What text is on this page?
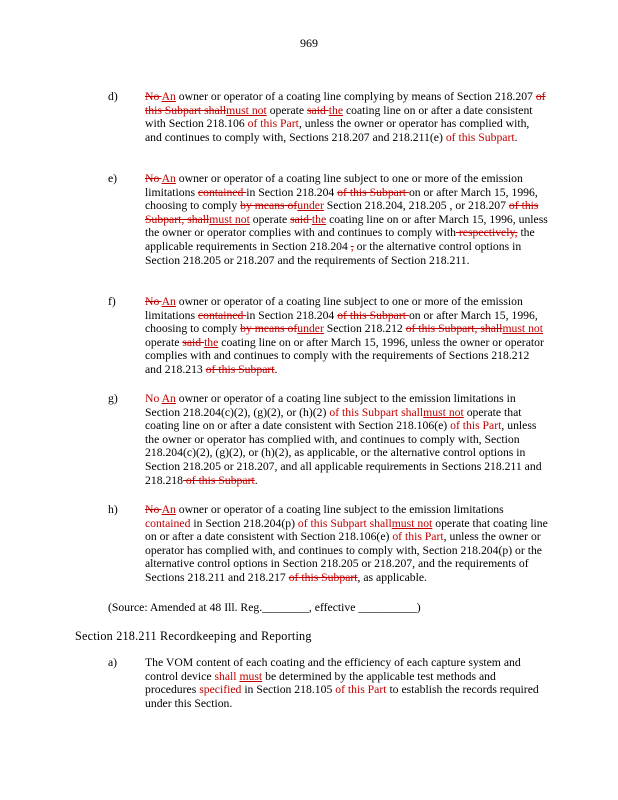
969
d)	No An owner or operator of a coating line complying by means of Section 218.207 of this Subpart shallmust not operate said the coating line on or after a date consistent with Section 218.106 of this Part, unless the owner or operator has complied with, and continues to comply with, Sections 218.207 and 218.211(e) of this Subpart.
e)	No An owner or operator of a coating line subject to one or more of the emission limitations contained in Section 218.204 of this Subpart on or after March 15, 1996, choosing to comply by means ofunder Section 218.204, 218.205 , or 218.207 of this Subpart, shallmust not operate said the coating line on or after March 15, 1996, unless the owner or operator complies with and continues to comply with respectively, the applicable requirements in Section 218.204 , or the alternative control options in Section 218.205 or 218.207 and the requirements of Section 218.211.
f)	No An owner or operator of a coating line subject to one or more of the emission limitations contained in Section 218.204 of this Subpart on or after March 15, 1996, choosing to comply by means ofunder Section 218.212 of this Subpart, shallmust not operate said the coating line on or after March 15, 1996, unless the owner or operator complies with and continues to comply with the requirements of Sections 218.212 and 218.213 of this Subpart.
g)	No An owner or operator of a coating line subject to the emission limitations in Section 218.204(c)(2), (g)(2), or (h)(2) of this Subpart shallmust not operate that coating line on or after a date consistent with Section 218.106(e) of this Part, unless the owner or operator has complied with, and continues to comply with, Section 218.204(c)(2), (g)(2), or (h)(2), as applicable, or the alternative control options in Section 218.205 or 218.207, and all applicable requirements in Sections 218.211 and 218.218 of this Subpart.
h)	No An owner or operator of a coating line subject to the emission limitations contained in Section 218.204(p) of this Subpart shallmust not operate that coating line on or after a date consistent with Section 218.106(e) of this Part, unless the owner or operator has complied with, and continues to comply with, Section 218.204(p) or the alternative control options in Section 218.205 or 218.207, and the requirements of Sections 218.211 and 218.217 of this Subpart, as applicable.
(Source: Amended at 48 Ill. Reg.________, effective __________)
Section 218.211 Recordkeeping and Reporting
a)	The VOM content of each coating and the efficiency of each capture system and control device shall must be determined by the applicable test methods and procedures specified in Section 218.105 of this Part to establish the records required under this Section.
